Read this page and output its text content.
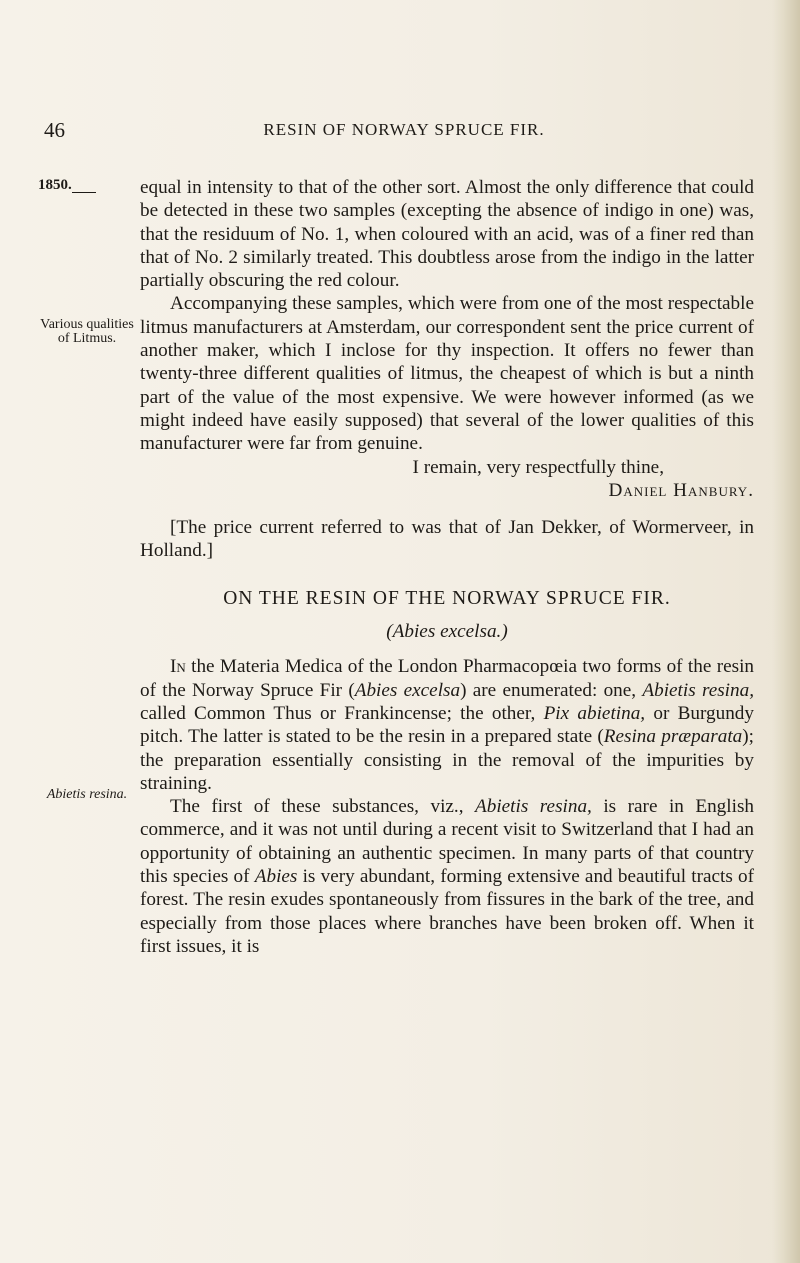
46	RESIN OF NORWAY SPRUCE FIR.
1850.
Various qualities of Litmus.
Abietis resina.

equal in intensity to that of the other sort. Almost the only difference that could be detected in these two samples (excepting the absence of indigo in one) was, that the residuum of No. 1, when coloured with an acid, was of a finer red than that of No. 2 similarly treated. This doubtless arose from the indigo in the latter partially obscuring the red colour.

Accompanying these samples, which were from one of the most respectable litmus manufacturers at Amsterdam, our correspondent sent the price current of another maker, which I inclose for thy inspection. It offers no fewer than twenty-three different qualities of litmus, the cheapest of which is but a ninth part of the value of the most expensive. We were however informed (as we might indeed have easily supposed) that several of the lower qualities of this manufacturer were far from genuine.

I remain, very respectfully thine,

Daniel Hanbury.

[The price current referred to was that of Jan Dekker, of Wormerveer, in Holland.]

ON THE RESIN OF THE NORWAY SPRUCE FIR.

(Abies excelsa.)

In the Materia Medica of the London Pharmacopœia two forms of the resin of the Norway Spruce Fir (Abies excelsa) are enumerated: one, Abietis resina, called Common Thus or Frankincense; the other, Pix abietina, or Burgundy pitch. The latter is stated to be the resin in a prepared state (Resina præparata); the preparation essentially consisting in the removal of the impurities by straining.

The first of these substances, viz., Abietis resina, is rare in English commerce, and it was not until during a recent visit to Switzerland that I had an opportunity of obtaining an authentic specimen. In many parts of that country this species of Abies is very abundant, forming extensive and beautiful tracts of forest. The resin exudes spontaneously from fissures in the bark of the tree, and especially from those places where branches have been broken off. When it first issues, it is
